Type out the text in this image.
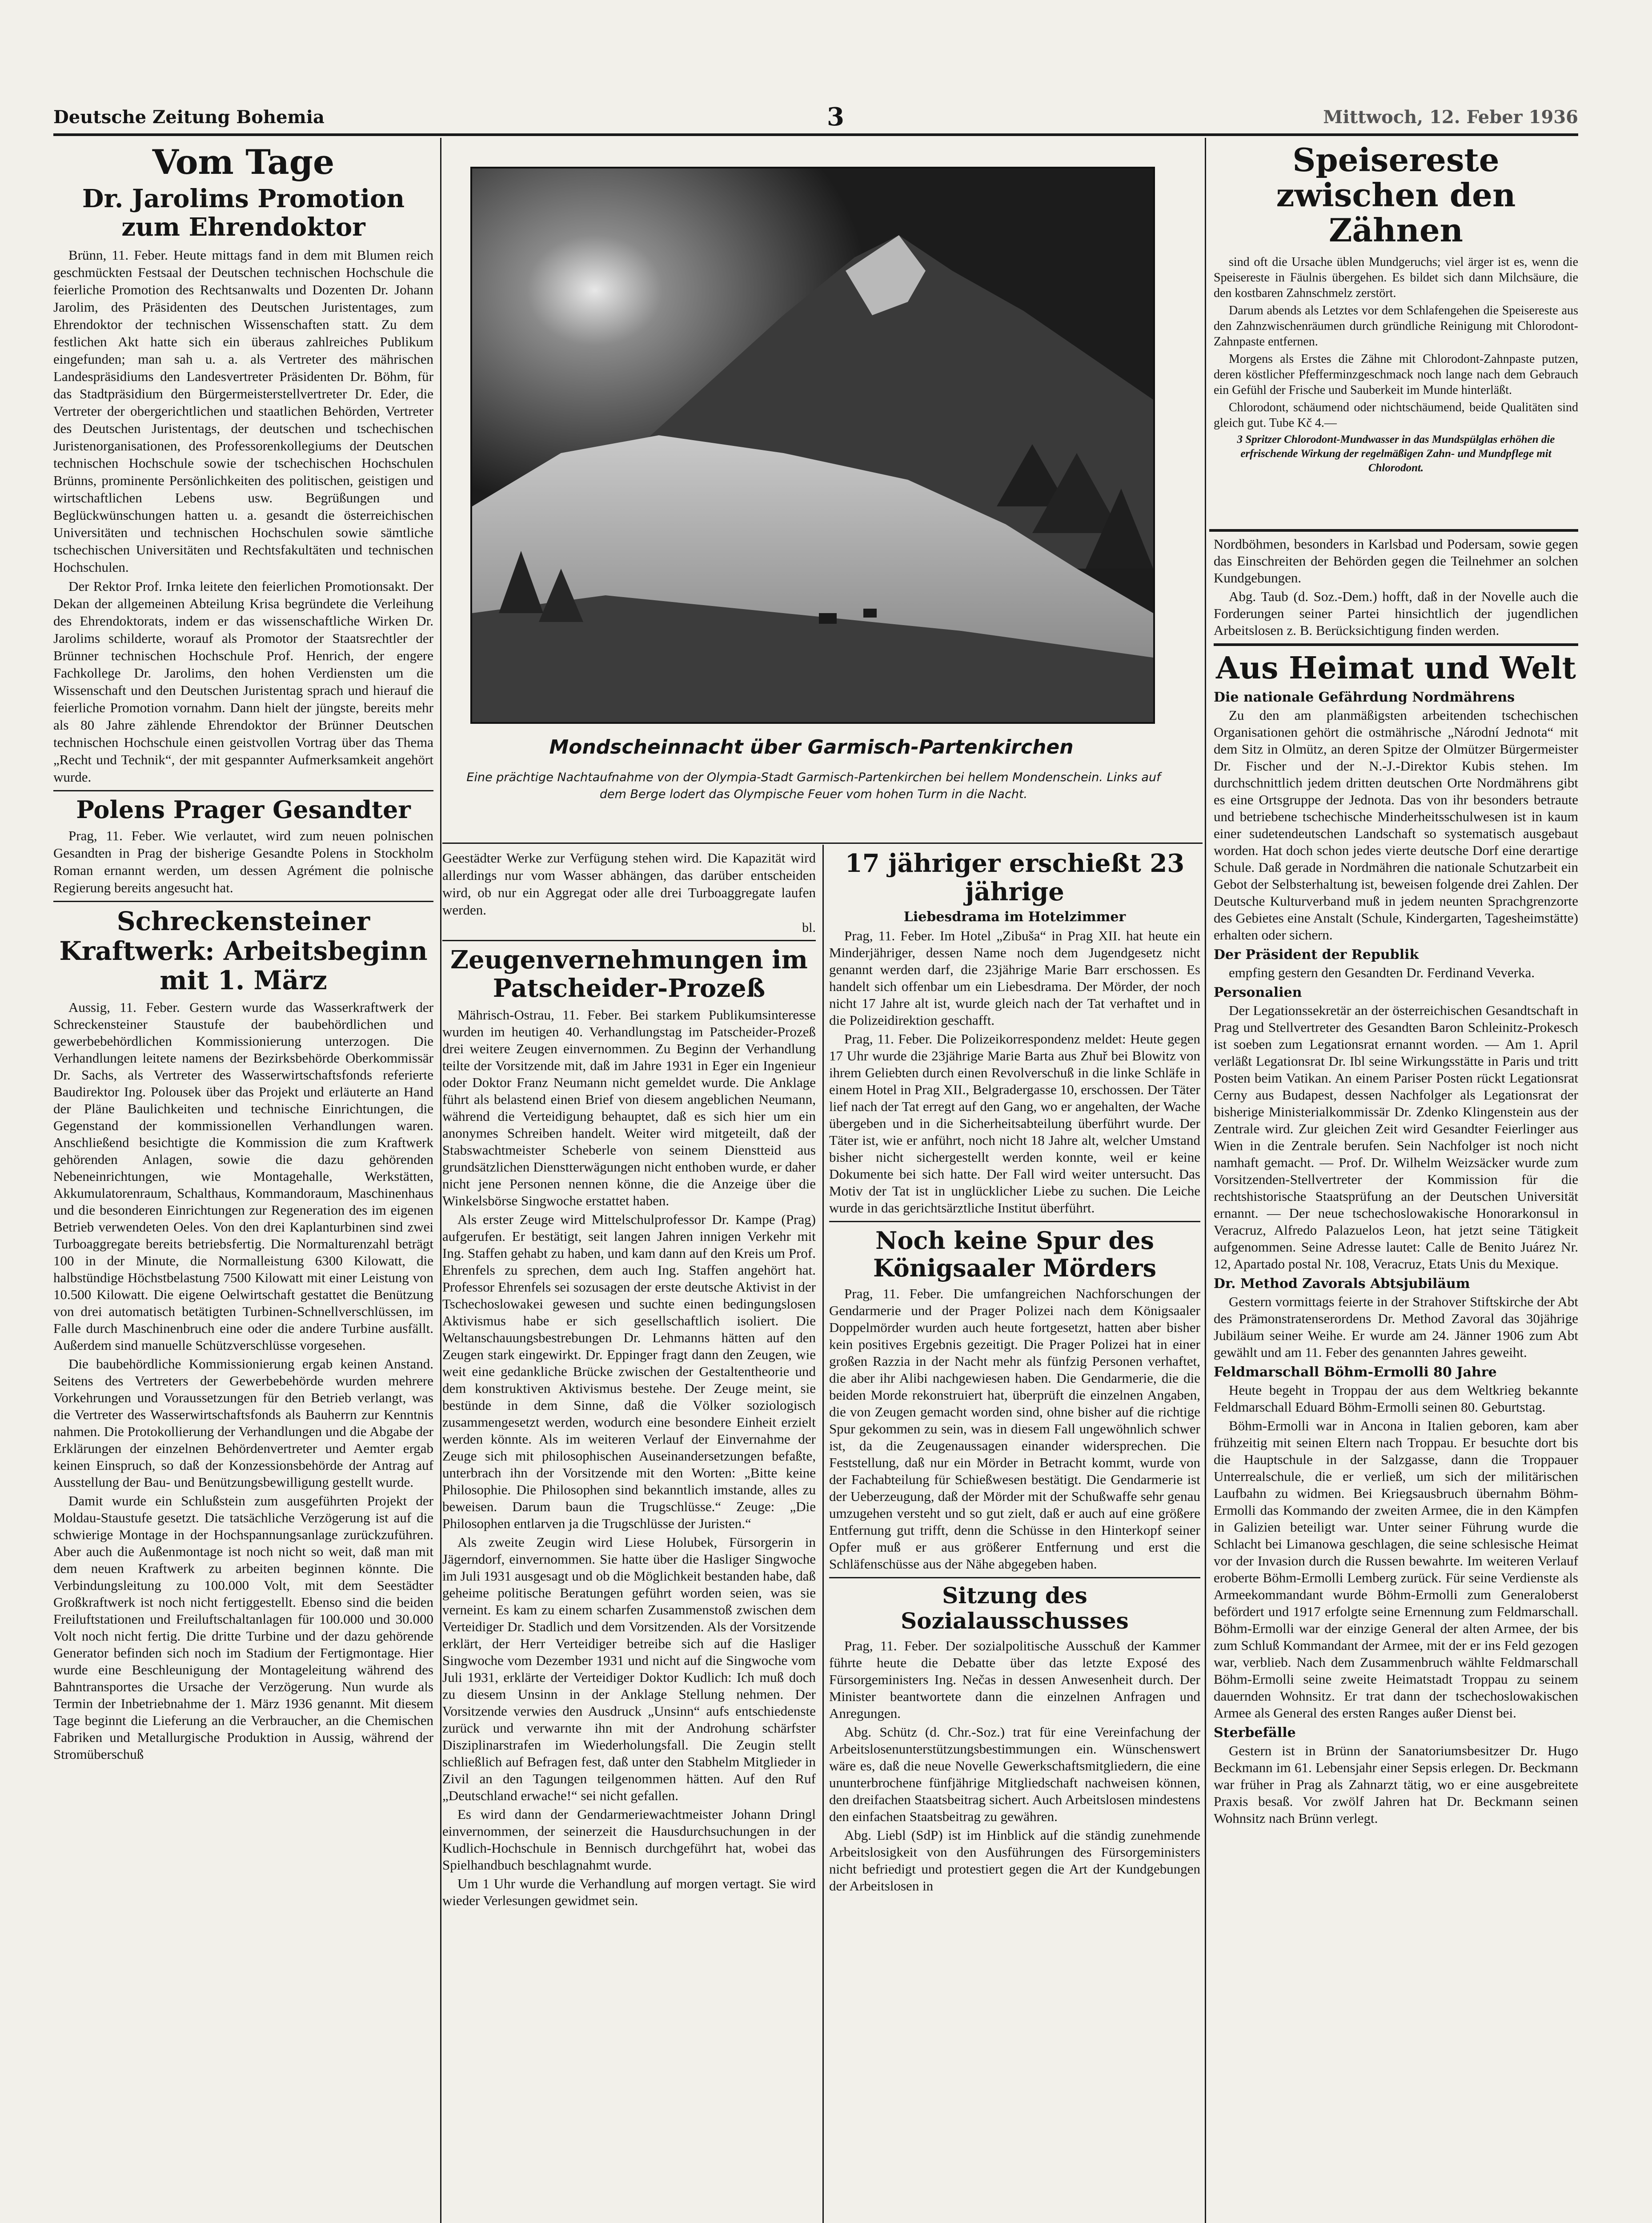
Deutsche Zeitung Bohemia	3	Mittwoch, 12. Feber 1936
Vom Tage
Dr. Jarolims Promotion zum Ehrendoktor

Brünn, 11. Feber. Heute mittags fand in dem mit Blumen reich geschmückten Festsaal der Deutschen technischen Hochschule die feierliche Promotion des Rechtsanwalts und Dozenten Dr. Johann Jarolim, des Präsidenten des Deutschen Juristentages, zum Ehrendoktor der technischen Wissenschaften statt. Zu dem festlichen Akt hatte sich ein überaus zahlreiches Publikum eingefunden; man sah u. a. als Vertreter des mährischen Landespräsidiums den Landesvertreter Präsidenten Dr. Böhm, für das Stadtpräsidium den Bürgermeisterstellvertreter Dr. Eder, die Vertreter der obergerichtlichen und staatlichen Behörden, Vertreter des Deutschen Juristentags, der deutschen und tschechischen Juristenorganisationen, des Professorenkollegiums der Deutschen technischen Hochschule sowie der tschechischen Hochschulen Brünns, prominente Persönlichkeiten des politischen, geistigen und wirtschaftlichen Lebens usw. Begrüßungen und Beglückwünschungen hatten u. a. gesandt die österreichischen Universitäten und technischen Hochschulen sowie sämtliche tschechischen Universitäten und Rechtsfakultäten und technischen Hochschulen.

Der Rektor Prof. Irnka leitete den feierlichen Promotionsakt. Der Dekan der allgemeinen Abteilung Krisa begründete die Verleihung des Ehrendoktorats, indem er das wissenschaftliche Wirken Dr. Jarolims schilderte, worauf als Promotor der Staatsrechtler der Brünner technischen Hochschule Prof. Henrich, der engere Fachkollege Dr. Jarolims, den hohen Verdiensten um die Wissenschaft und den Deutschen Juristentag sprach und hierauf die feierliche Promotion vornahm. Dann hielt der jüngste, bereits mehr als 80 Jahre zählende Ehrendoktor der Brünner Deutschen technischen Hochschule einen geistvollen Vortrag über das Thema „Recht und Technik“, der mit gespannter Aufmerksamkeit angehört wurde.

Polens Prager Gesandter

Prag, 11. Feber. Wie verlautet, wird zum neuen polnischen Gesandten in Prag der bisherige Gesandte Polens in Stockholm Roman ernannt werden, um dessen Agrément die polnische Regierung bereits angesucht hat.

Schreckensteiner Kraftwerk: Arbeitsbeginn mit 1. März

Aussig, 11. Feber. Gestern wurde das Wasserkraftwerk der Schreckensteiner Staustufe der baubehördlichen und gewerbebehördlichen Kommissionierung unterzogen. Die Verhandlungen leitete namens der Bezirksbehörde Oberkommissär Dr. Sachs, als Vertreter des Wasserwirtschaftsfonds referierte Baudirektor Ing. Polousek über das Projekt und erläuterte an Hand der Pläne Baulichkeiten und technische Einrichtungen, die Gegenstand der kommissionellen Verhandlungen waren. Anschließend besichtigte die Kommission die zum Kraftwerk gehörenden Anlagen, sowie die dazu gehörenden Nebeneinrichtungen, wie Montagehalle, Werkstätten, Akkumulatorenraum, Schalthaus, Kommandoraum, Maschinenhaus und die besonderen Einrichtungen zur Regeneration des im eigenen Betrieb verwendeten Oeles. Von den drei Kaplanturbinen sind zwei Turboaggregate bereits betriebsfertig. Die Normalturenzahl beträgt 100 in der Minute, die Normalleistung 6300 Kilowatt, die halbstündige Höchstbelastung 7500 Kilowatt mit einer Leistung von 10.500 Kilowatt. Die eigene Oelwirtschaft gestattet die Benützung von drei automatisch betätigten Turbinen-Schnellverschlüssen, im Falle durch Maschinenbruch eine oder die andere Turbine ausfällt. Außerdem sind manuelle Schützverschlüsse vorgesehen.

Die baubehördliche Kommissionierung ergab keinen Anstand. Seitens des Vertreters der Gewerbebehörde wurden mehrere Vorkehrungen und Voraussetzungen für den Betrieb verlangt, was die Vertreter des Wasserwirtschaftsfonds als Bauherrn zur Kenntnis nahmen. Die Protokollierung der Verhandlungen und die Abgabe der Erklärungen der einzelnen Behördenvertreter und Aemter ergab keinen Einspruch, so daß der Konzessionsbehörde der Antrag auf Ausstellung der Bau- und Benützungsbewilligung gestellt wurde.

Damit wurde ein Schlußstein zum ausgeführten Projekt der Moldau-Staustufe gesetzt. Die tatsächliche Verzögerung ist auf die schwierige Montage in der Hochspannungsanlage zurückzuführen. Aber auch die Außenmontage ist noch nicht so weit, daß man mit dem neuen Kraftwerk zu arbeiten beginnen könnte. Die Verbindungsleitung zu 100.000 Volt, mit dem Seestädter Großkraftwerk ist noch nicht fertiggestellt. Ebenso sind die beiden Freiluftstationen und Freiluftschaltanlagen für 100.000 und 30.000 Volt noch nicht fertig. Die dritte Turbine und der dazu gehörende Generator befinden sich noch im Stadium der Fertigmontage. Hier wurde eine Beschleunigung der Montageleitung während des Bahntransportes die Ursache der Verzögerung. Nun wurde als Termin der Inbetriebnahme der 1. März 1936 genannt. Mit diesem Tage beginnt die Lieferung an die Verbraucher, an die Chemischen Fabriken und Metallurgische Produktion in Aussig, während der Stromüberschuß

Mondscheinnacht über Garmisch-Partenkirchen

Eine prächtige Nachtaufnahme von der Olympia-Stadt Garmisch-Partenkirchen bei hellem Mondenschein. Links auf dem Berge lodert das Olympische Feuer vom hohen Turm in die Nacht.

Geestädter Werke zur Verfügung stehen wird. Die Kapazität wird allerdings nur vom Wasser abhängen, das darüber entscheiden wird, ob nur ein Aggregat oder alle drei Turboaggregate laufen werden.

bl.

Zeugenvernehmungen im Patscheider-Prozeß

Mährisch-Ostrau, 11. Feber. Bei starkem Publikumsinteresse wurden im heutigen 40. Verhandlungstag im Patscheider-Prozeß drei weitere Zeugen einvernommen. Zu Beginn der Verhandlung teilte der Vorsitzende mit, daß im Jahre 1931 in Eger ein Ingenieur oder Doktor Franz Neumann nicht gemeldet wurde. Die Anklage führt als belastend einen Brief von diesem angeblichen Neumann, während die Verteidigung behauptet, daß es sich hier um ein anonymes Schreiben handelt. Weiter wird mitgeteilt, daß der Stabswachtmeister Scheberle von seinem Dienstteid aus grundsätzlichen Dienstterwägungen nicht enthoben wurde, er daher nicht jene Personen nennen könne, die die Anzeige über die Winkelsbörse Singwoche erstattet haben.

Als erster Zeuge wird Mittelschulprofessor Dr. Kampe (Prag) aufgerufen. Er bestätigt, seit langen Jahren innigen Verkehr mit Ing. Staffen gehabt zu haben, und kam dann auf den Kreis um Prof. Ehrenfels zu sprechen, dem auch Ing. Staffen angehört hat. Professor Ehrenfels sei sozusagen der erste deutsche Aktivist in der Tschechoslowakei gewesen und suchte einen bedingungslosen Aktivismus habe er sich gesellschaftlich isoliert. Die Weltanschauungsbestrebungen Dr. Lehmanns hätten auf den Zeugen stark eingewirkt. Dr. Eppinger fragt dann den Zeugen, wie weit eine gedankliche Brücke zwischen der Gestaltentheorie und dem konstruktiven Aktivismus bestehe. Der Zeuge meint, sie bestünde in dem Sinne, daß die Völker soziologisch zusammengesetzt werden, wodurch eine besondere Einheit erzielt werden könnte. Als im weiteren Verlauf der Einvernahme der Zeuge sich mit philosophischen Auseinandersetzungen befaßte, unterbrach ihn der Vorsitzende mit den Worten: „Bitte keine Philosophie. Die Philosophen sind bekanntlich imstande, alles zu beweisen. Darum baun die Trugschlüsse.“ Zeuge: „Die Philosophen entlarven ja die Trugschlüsse der Juristen.“

Als zweite Zeugin wird Liese Holubek, Fürsorgerin in Jägerndorf, einvernommen. Sie hatte über die Hasliger Singwoche im Juli 1931 ausgesagt und ob die Möglichkeit bestanden habe, daß geheime politische Beratungen geführt worden seien, was sie verneint. Es kam zu einem scharfen Zusammenstoß zwischen dem Verteidiger Dr. Stadlich und dem Vorsitzenden. Als der Vorsitzende erklärt, der Herr Verteidiger betreibe sich auf die Hasliger Singwoche vom Dezember 1931 und nicht auf die Singwoche vom Juli 1931, erklärte der Verteidiger Doktor Kudlich: Ich muß doch zu diesem Unsinn in der Anklage Stellung nehmen. Der Vorsitzende verwies den Ausdruck „Unsinn“ aufs entschiedenste zurück und verwarnte ihn mit der Androhung schärfster Disziplinarstrafen im Wiederholungsfall. Die Zeugin stellt schließlich auf Befragen fest, daß unter den Stabhelm Mitglieder in Zivil an den Tagungen teilgenommen hätten. Auf den Ruf „Deutschland erwache!“ sei nicht gefallen.

Es wird dann der Gendarmeriewachtmeister Johann Dringl einvernommen, der seinerzeit die Hausdurchsuchungen in der Kudlich-Hochschule in Bennisch durchgeführt hat, wobei das Spielhandbuch beschlagnahmt wurde.

Um 1 Uhr wurde die Verhandlung auf morgen vertagt. Sie wird wieder Verlesungen gewidmet sein.

17 jähriger erschießt 23 jährige

Liebesdrama im Hotelzimmer

Prag, 11. Feber. Im Hotel „Zibuša“ in Prag XII. hat heute ein Minderjähriger, dessen Name noch dem Jugendgesetz nicht genannt werden darf, die 23jährige Marie Barr erschossen. Es handelt sich offenbar um ein Liebesdrama. Der Mörder, der noch nicht 17 Jahre alt ist, wurde gleich nach der Tat verhaftet und in die Polizeidirektion geschafft.

Prag, 11. Feber. Die Polizeikorrespondenz meldet: Heute gegen 17 Uhr wurde die 23jährige Marie Barta aus Zhuř bei Blowitz von ihrem Geliebten durch einen Revolverschuß in die linke Schläfe in einem Hotel in Prag XII., Belgradergasse 10, erschossen. Der Täter lief nach der Tat erregt auf den Gang, wo er angehalten, der Wache übergeben und in die Sicherheitsabteilung überführt wurde. Der Täter ist, wie er anführt, noch nicht 18 Jahre alt, welcher Umstand bisher nicht sichergestellt werden konnte, weil er keine Dokumente bei sich hatte. Der Fall wird weiter untersucht. Das Motiv der Tat ist in unglücklicher Liebe zu suchen. Die Leiche wurde in das gerichtsärztliche Institut überführt.

Noch keine Spur des Königsaaler Mörders

Prag, 11. Feber. Die umfangreichen Nachforschungen der Gendarmerie und der Prager Polizei nach dem Königsaaler Doppelmörder wurden auch heute fortgesetzt, hatten aber bisher kein positives Ergebnis gezeitigt. Die Prager Polizei hat in einer großen Razzia in der Nacht mehr als fünfzig Personen verhaftet, die aber ihr Alibi nachgewiesen haben. Die Gendarmerie, die die beiden Morde rekonstruiert hat, überprüft die einzelnen Angaben, die von Zeugen gemacht worden sind, ohne bisher auf die richtige Spur gekommen zu sein, was in diesem Fall ungewöhnlich schwer ist, da die Zeugenaussagen einander widersprechen. Die Feststellung, daß nur ein Mörder in Betracht kommt, wurde von der Fachabteilung für Schießwesen bestätigt. Die Gendarmerie ist der Ueberzeugung, daß der Mörder mit der Schußwaffe sehr genau umzugehen versteht und so gut zielt, daß er auch auf eine größere Entfernung gut trifft, denn die Schüsse in den Hinterkopf seiner Opfer muß er aus größerer Entfernung und erst die Schläfenschüsse aus der Nähe abgegeben haben.

Sitzung des Sozialausschusses

Prag, 11. Feber. Der sozialpolitische Ausschuß der Kammer führte heute die Debatte über das letzte Exposé des Fürsorgeministers Ing. Nečas in dessen Anwesenheit durch. Der Minister beantwortete dann die einzelnen Anfragen und Anregungen.

Abg. Schütz (d. Chr.-Soz.) trat für eine Vereinfachung der Arbeitslosenunterstützungsbestimmungen ein. Wünschenswert wäre es, daß die neue Novelle Gewerkschaftsmitgliedern, die eine ununterbrochene fünfjährige Mitgliedschaft nachweisen können, den dreifachen Staatsbeitrag sichert. Auch Arbeitslosen mindestens den einfachen Staatsbeitrag zu gewähren.

Abg. Liebl (SdP) ist im Hinblick auf die ständig zunehmende Arbeitslosigkeit von den Ausführungen des Fürsorgeministers nicht befriedigt und protestiert gegen die Art der Kundgebungen der Arbeitslosen in

Speisereste zwischen den Zähnen

sind oft die Ursache üblen Mundgeruchs; viel ärger ist es, wenn die Speisereste in Fäulnis übergehen. Es bildet sich dann Milchsäure, die den kostbaren Zahnschmelz zerstört.

Darum abends als Letztes vor dem Schlafengehen die Speisereste aus den Zahnzwischenräumen durch gründliche Reinigung mit Chlorodont-Zahnpaste entfernen.

Morgens als Erstes die Zähne mit Chlorodont-Zahnpaste putzen, deren köstlicher Pfefferminzgeschmack noch lange nach dem Gebrauch ein Gefühl der Frische und Sauberkeit im Munde hinterläßt.

Chlorodont, schäumend oder nichtschäumend, beide Qualitäten sind gleich gut. Tube Kč 4.—

3 Spritzer Chlorodont-Mundwasser in das Mundspülglas erhöhen die erfrischende Wirkung der regelmäßigen Zahn- und Mundpflege mit Chlorodont.

Nordböhmen, besonders in Karlsbad und Podersam, sowie gegen das Einschreiten der Behörden gegen die Teilnehmer an solchen Kundgebungen.

Abg. Taub (d. Soz.-Dem.) hofft, daß in der Novelle auch die Forderungen seiner Partei hinsichtlich der jugendlichen Arbeitslosen z. B. Berücksichtigung finden werden.

Aus Heimat und Welt

Die nationale Gefährdung Nordmährens

Zu den am planmäßigsten arbeitenden tschechischen Organisationen gehört die ostmährische „Národní Jednota“ mit dem Sitz in Olmütz, an deren Spitze der Olmützer Bürgermeister Dr. Fischer und der N.-J.-Direktor Kubis stehen. Im durchschnittlich jedem dritten deutschen Orte Nordmährens gibt es eine Ortsgruppe der Jednota. Das von ihr besonders betraute und betriebene tschechische Minderheitsschulwesen ist in kaum einer sudetendeutschen Landschaft so systematisch ausgebaut worden. Hat doch schon jedes vierte deutsche Dorf eine derartige Schule. Daß gerade in Nordmähren die nationale Schutzarbeit ein Gebot der Selbsterhaltung ist, beweisen folgende drei Zahlen. Der Deutsche Kulturverband muß in jedem neunten Sprachgrenzorte des Gebietes eine Anstalt (Schule, Kindergarten, Tagesheimstätte) erhalten oder sichern.

Der Präsident der Republik

empfing gestern den Gesandten Dr. Ferdinand Veverka.

Personalien

Der Legationssekretär an der österreichischen Gesandtschaft in Prag und Stellvertreter des Gesandten Baron Schleinitz-Prokesch ist soeben zum Legationsrat ernannt worden. — Am 1. April verläßt Legationsrat Dr. Ibl seine Wirkungsstätte in Paris und tritt Posten beim Vatikan. An einem Pariser Posten rückt Legationsrat Cerny aus Budapest, dessen Nachfolger als Legationsrat der bisherige Ministerialkommissär Dr. Zdenko Klingenstein aus der Zentrale wird. Zur gleichen Zeit wird Gesandter Feierlinger aus Wien in die Zentrale berufen. Sein Nachfolger ist noch nicht namhaft gemacht. — Prof. Dr. Wilhelm Weizsäcker wurde zum Vorsitzenden-Stellvertreter der Kommission für die rechtshistorische Staatsprüfung an der Deutschen Universität ernannt. — Der neue tschechoslowakische Honorarkonsul in Veracruz, Alfredo Palazuelos Leon, hat jetzt seine Tätigkeit aufgenommen. Seine Adresse lautet: Calle de Benito Juárez Nr. 12, Apartado postal Nr. 108, Veracruz, Etats Unis du Mexique.

Dr. Method Zavorals Abtsjubiläum

Gestern vormittags feierte in der Strahover Stiftskirche der Abt des Prämonstratenserordens Dr. Method Zavoral das 30jährige Jubiläum seiner Weihe. Er wurde am 24. Jänner 1906 zum Abt gewählt und am 11. Feber des genannten Jahres geweiht.

Feldmarschall Böhm-Ermolli 80 Jahre

Heute begeht in Troppau der aus dem Weltkrieg bekannte Feldmarschall Eduard Böhm-Ermolli seinen 80. Geburtstag.

Böhm-Ermolli war in Ancona in Italien geboren, kam aber frühzeitig mit seinen Eltern nach Troppau. Er besuchte dort bis die Hauptschule in der Salzgasse, dann die Troppauer Unterrealschule, die er verließ, um sich der militärischen Laufbahn zu widmen. Bei Kriegsausbruch übernahm Böhm-Ermolli das Kommando der zweiten Armee, die in den Kämpfen in Galizien beteiligt war. Unter seiner Führung wurde die Schlacht bei Limanowa geschlagen, die seine schlesische Heimat vor der Invasion durch die Russen bewahrte. Im weiteren Verlauf eroberte Böhm-Ermolli Lemberg zurück. Für seine Verdienste als Armeekommandant wurde Böhm-Ermolli zum Generaloberst befördert und 1917 erfolgte seine Ernennung zum Feldmarschall. Böhm-Ermolli war der einzige General der alten Armee, der bis zum Schluß Kommandant der Armee, mit der er ins Feld gezogen war, verblieb. Nach dem Zusammenbruch wählte Feldmarschall Böhm-Ermolli seine zweite Heimatstadt Troppau zu seinem dauernden Wohnsitz. Er trat dann der tschechoslowakischen Armee als General des ersten Ranges außer Dienst bei.

Sterbefälle

Gestern ist in Brünn der Sanatoriumsbesitzer Dr. Hugo Beckmann im 61. Lebensjahr einer Sepsis erlegen. Dr. Beckmann war früher in Prag als Zahnarzt tätig, wo er eine ausgebreitete Praxis besaß. Vor zwölf Jahren hat Dr. Beckmann seinen Wohnsitz nach Brünn verlegt.
